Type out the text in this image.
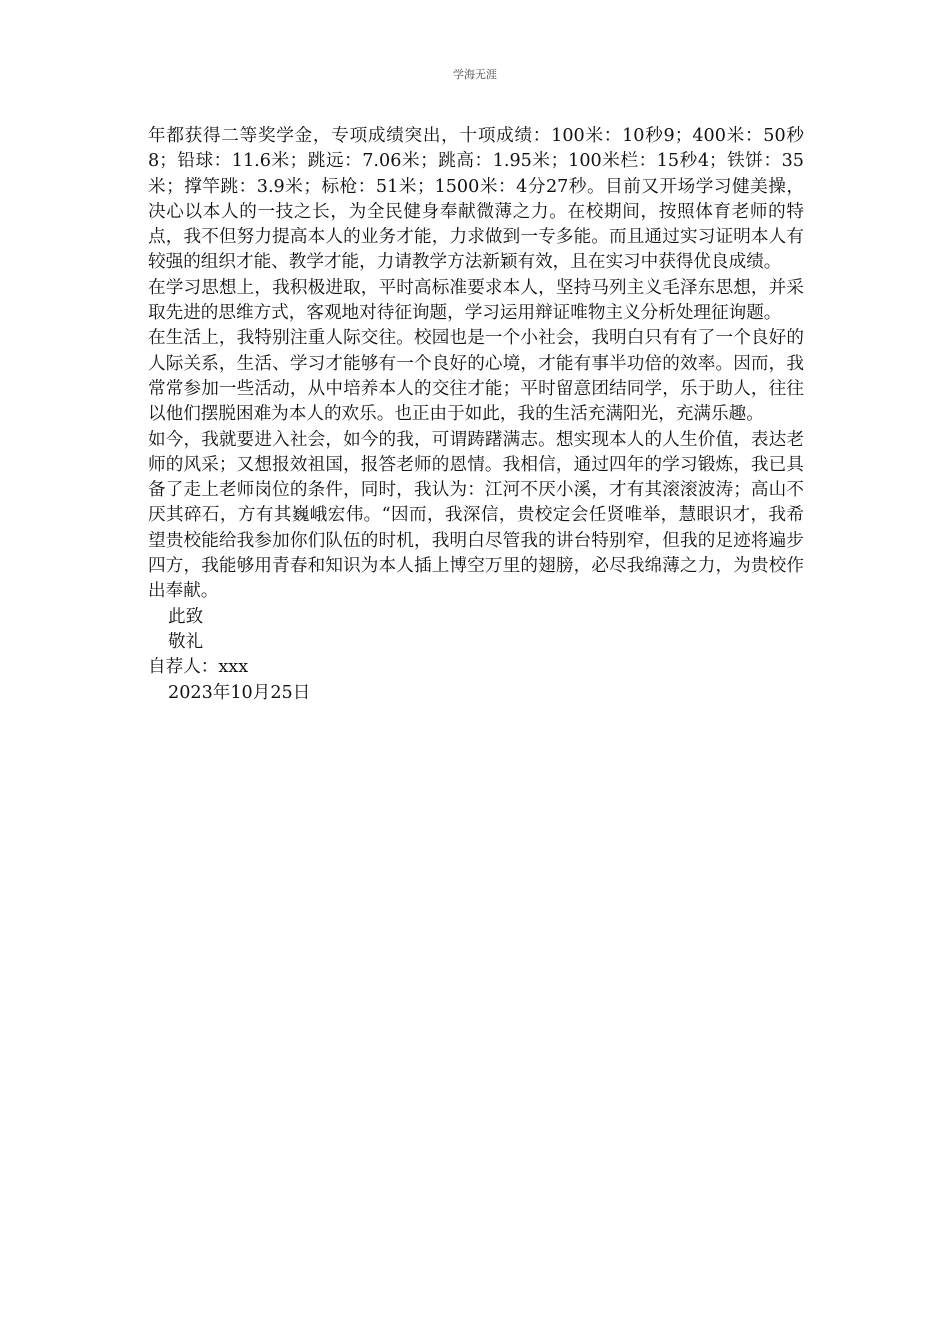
学海无涯

年都获得二等奖学金，专项成绩突出，十项成绩：100米：10秒9；400米：50秒8；铅球：11.6米；跳远：7.06米；跳高：1.95米；100米栏：15秒4；铁饼：35米；撑竿跳：3.9米；标枪：51米；1500米：4分27秒。目前又开场学习健美操，决心以本人的一技之长，为全民健身奉献微薄之力。在校期间，按照体育老师的特点，我不但努力提高本人的业务才能，力求做到一专多能。而且通过实习证明本人有较强的组织才能、教学才能，力请教学方法新颖有效，且在实习中获得优良成绩。

在学习思想上，我积极进取，平时高标准要求本人，坚持马列主义毛泽东思想，并采取先进的思维方式，客观地对待征询题，学习运用辩证唯物主义分析处理征询题。

在生活上，我特别注重人际交往。校园也是一个小社会，我明白只有有了一个良好的人际关系，生活、学习才能够有一个良好的心境，才能有事半功倍的效率。因而，我常常参加一些活动，从中培养本人的交往才能；平时留意团结同学，乐于助人，往往以他们摆脱困难为本人的欢乐。也正由于如此，我的生活充满阳光，充满乐趣。

如今，我就要进入社会，如今的我，可谓踌躇满志。想实现本人的人生价值，表达老师的风采；又想报效祖国，报答老师的恩情。我相信，通过四年的学习锻炼，我已具备了走上老师岗位的条件，同时，我认为：江河不厌小溪，才有其滚滚波涛；高山不厌其碎石，方有其巍峨宏伟。“因而，我深信，贵校定会任贤唯举，慧眼识才，我希望贵校能给我参加你们队伍的时机，我明白尽管我的讲台特别窄，但我的足迹将遍步四方，我能够用青春和知识为本人插上博空万里的翅膀，必尽我绵薄之力，为贵校作出奉献。

此致

敬礼

自荐人：xxx

2023年10月25日
